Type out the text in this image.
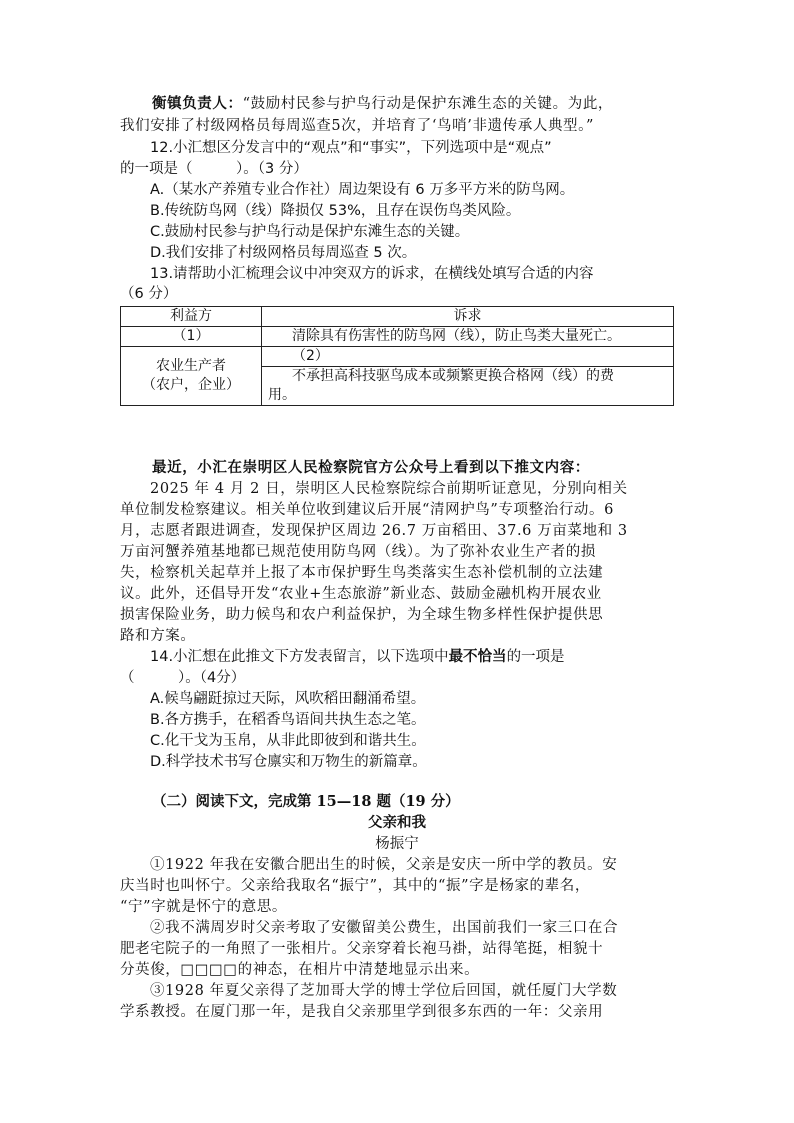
衡镇负责人：“鼓励村民参与护鸟行动是保护东滩生态的关键。为此，
我们安排了村级网格员每周巡查5次，并培育了‘鸟哨’非遗传承人典型。”
12.小汇想区分发言中的“观点”和“事实”，下列选项中是“观点”
的一项是（　　　）。（3 分）
A.（某水产养殖专业合作社）周边架设有 6 万多平方米的防鸟网。
B.传统防鸟网（线）降损仅 53%，且存在误伤鸟类风险。
C.鼓励村民参与护鸟行动是保护东滩生态的关键。
D.我们安排了村级网格员每周巡查 5 次。
13.请帮助小汇梳理会议中冲突双方的诉求，在横线处填写合适的内容
（6 分）
利益方	诉求
（1）	清除具有伤害性的防鸟网（线），防止鸟类大量死亡。

农业生产者
（农户，企业）	（2）

	不承担高科技驱鸟成本或频繁更换合格网（线）的费
用。
最近，小汇在崇明区人民检察院官方公众号上看到以下推文内容：
2025 年 4 月 2 日，崇明区人民检察院综合前期听证意见，分别向相关
单位制发检察建议。相关单位收到建议后开展“清网护鸟”专项整治行动。6
月，志愿者跟进调查，发现保护区周边 26.7 万亩稻田、37.6 万亩菜地和 3
万亩河蟹养殖基地都已规范使用防鸟网（线）。为了弥补农业生产者的损
失，检察机关起草并上报了本市保护野生鸟类落实生态补偿机制的立法建
议。此外，还倡导开发“农业+生态旅游”新业态、鼓励金融机构开展农业
损害保险业务，助力候鸟和农户利益保护，为全球生物多样性保护提供思
路和方案。
14.小汇想在此推文下方发表留言，以下选项中最不恰当的一项是
（　　　）。（4分）
A.候鸟翩跹掠过天际，风吹稻田翻涌希望。
B.各方携手，在稻香鸟语间共执生态之笔。
C.化干戈为玉帛，从非此即彼到和谐共生。
D.科学技术书写仓廪实和万物生的新篇章。
（二）阅读下文，完成第 15—18 题（19 分）
父亲和我
杨振宁
①1922 年我在安徽合肥出生的时候，父亲是安庆一所中学的教员。安
庆当时也叫怀宁。父亲给我取名“振宁”，其中的“振”字是杨家的辈名，
“宁”字就是怀宁的意思。
②我不满周岁时父亲考取了安徽留美公费生，出国前我们一家三口在合
肥老宅院子的一角照了一张相片。父亲穿着长袍马褂，站得笔挺，相貌十
分英俊，□□□□的神态，在相片中清楚地显示出来。
③1928 年夏父亲得了芝加哥大学的博士学位后回国，就任厦门大学数
学系教授。在厦门那一年，是我自父亲那里学到很多东西的一年：父亲用
